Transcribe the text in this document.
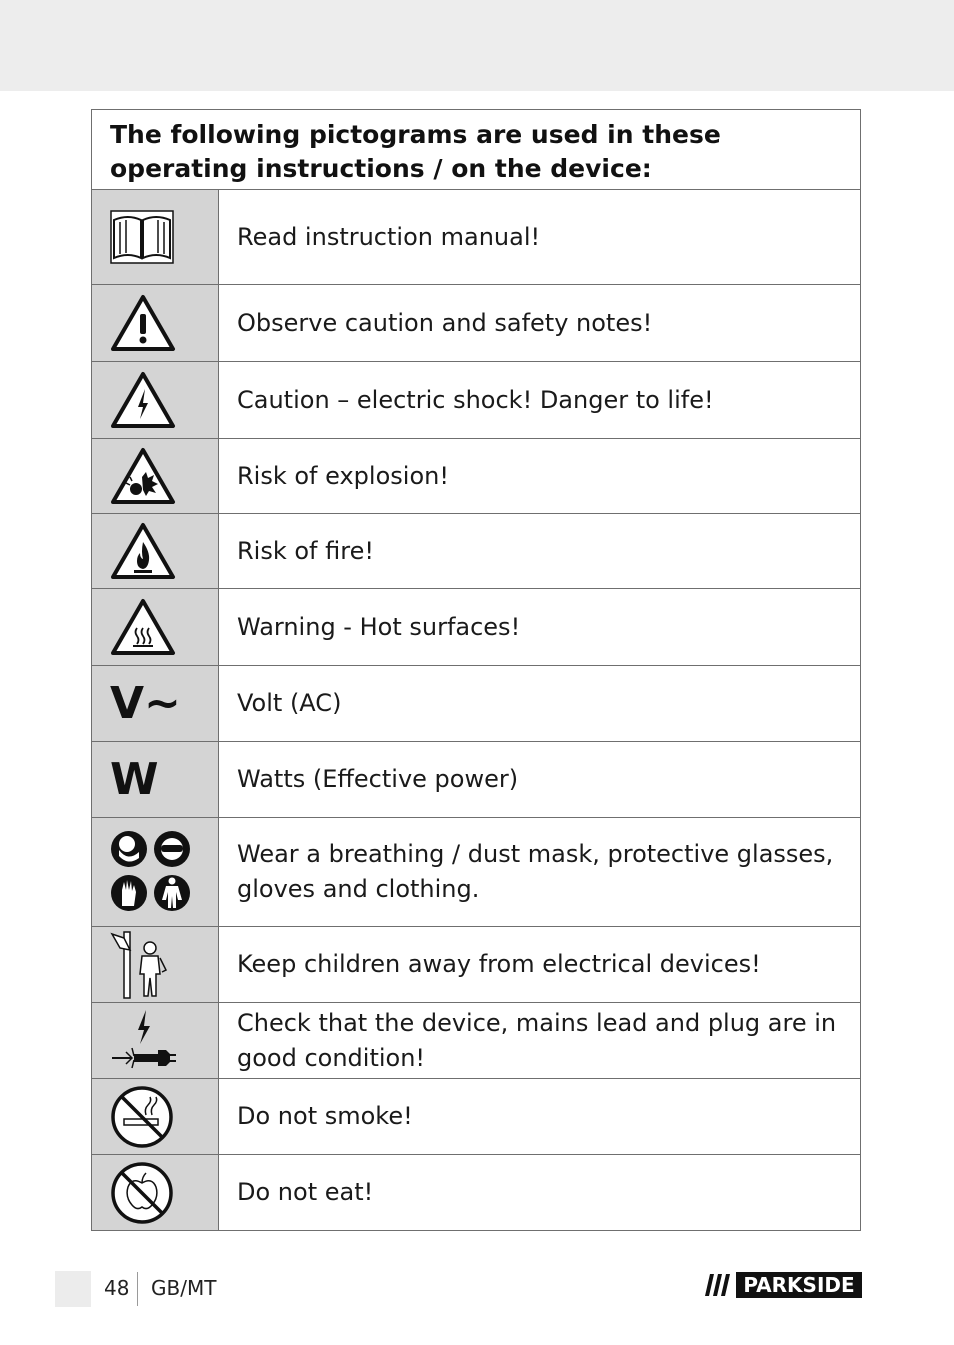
The following pictograms are used in these operating instructions / on the device:
Read instruction manual!
Observe caution and safety notes!
Caution – electric shock! Danger to life!
Risk of explosion!
Risk of fire!
Warning - Hot surfaces!
V~	Volt (AC)
W	Watts (Effective power)
Wear a breathing / dust mask, protective glasses, gloves and clothing.
Keep children away from electrical devices!
Check that the device, mains lead and plug are in good condition!
Do not smoke!
Do not eat!
48 GB/MT	PARKSIDE
